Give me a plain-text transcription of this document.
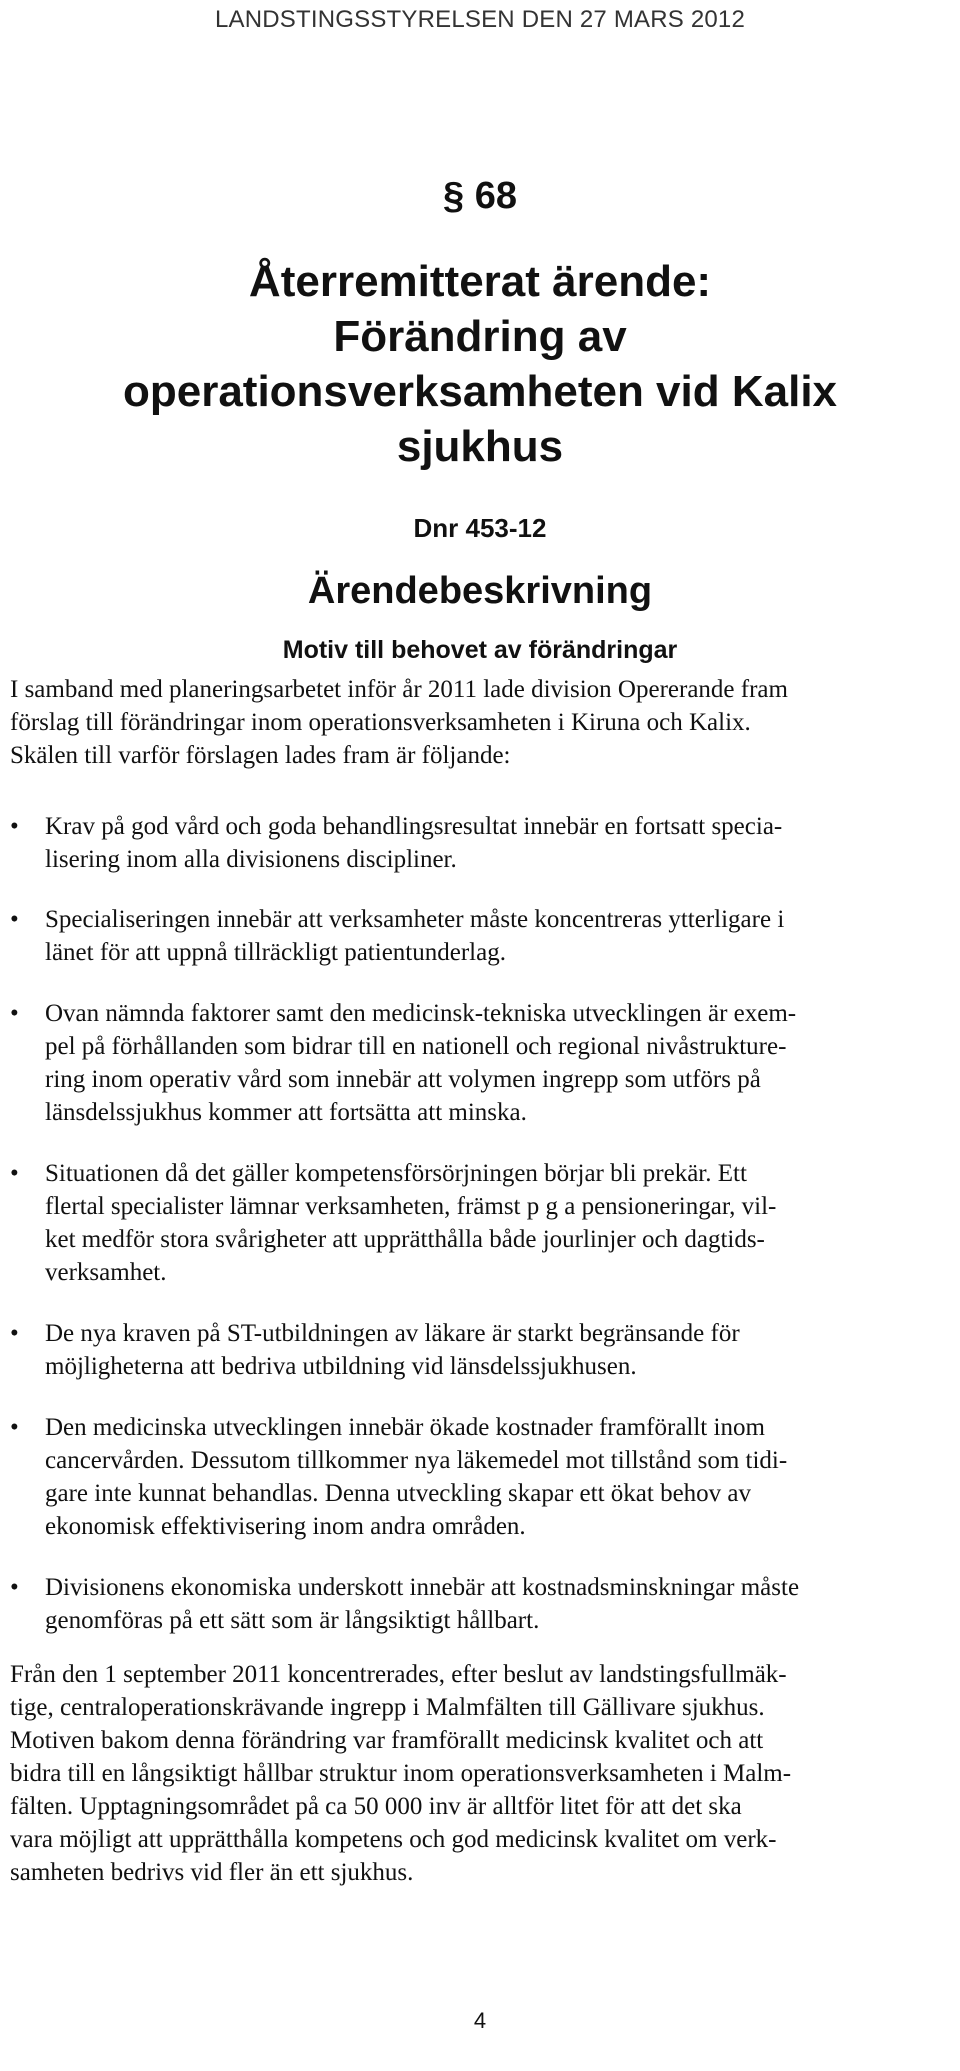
LANDSTINGSSTYRELSEN DEN 27 MARS 2012
§ 68
Återremitterat ärende:
Förändring av
operationsverksamheten vid Kalix
sjukhus
Dnr 453-12
Ärendebeskrivning
Motiv till behovet av förändringar
I samband med planeringsarbetet inför år 2011 lade division Opererande fram
förslag till förändringar inom operationsverksamheten i Kiruna och Kalix.
Skälen till varför förslagen lades fram är följande:
• Krav på god vård och goda behandlingsresultat innebär en fortsatt specia-
lisering inom alla divisionens discipliner.
• Specialiseringen innebär att verksamheter måste koncentreras ytterligare i
länet för att uppnå tillräckligt patientunderlag.
• Ovan nämnda faktorer samt den medicinsk-tekniska utvecklingen är exem-
pel på förhållanden som bidrar till en nationell och regional nivåstrukture-
ring inom operativ vård som innebär att volymen ingrepp som utförs på
länsdelssjukhus kommer att fortsätta att minska.
• Situationen då det gäller kompetensförsörjningen börjar bli prekär. Ett
flertal specialister lämnar verksamheten, främst p g a pensioneringar, vil-
ket medför stora svårigheter att upprätthålla både jourlinjer och dagtids-
verksamhet.
• De nya kraven på ST-utbildningen av läkare är starkt begränsande för
möjligheterna att bedriva utbildning vid länsdelssjukhusen.
• Den medicinska utvecklingen innebär ökade kostnader framförallt inom
cancervården. Dessutom tillkommer nya läkemedel mot tillstånd som tidi-
gare inte kunnat behandlas. Denna utveckling skapar ett ökat behov av
ekonomisk effektivisering inom andra områden.
• Divisionens ekonomiska underskott innebär att kostnadsminskningar måste
genomföras på ett sätt som är långsiktigt hållbart.
Från den 1 september 2011 koncentrerades, efter beslut av landstingsfullmäk-
tige, centraloperationskrävande ingrepp i Malmfälten till Gällivare sjukhus.
Motiven bakom denna förändring var framförallt medicinsk kvalitet och att
bidra till en långsiktigt hållbar struktur inom operationsverksamheten i Malm-
fälten. Upptagningsområdet på ca 50 000 inv är alltför litet för att det ska
vara möjligt att upprätthålla kompetens och god medicinsk kvalitet om verk-
samheten bedrivs vid fler än ett sjukhus.
4
